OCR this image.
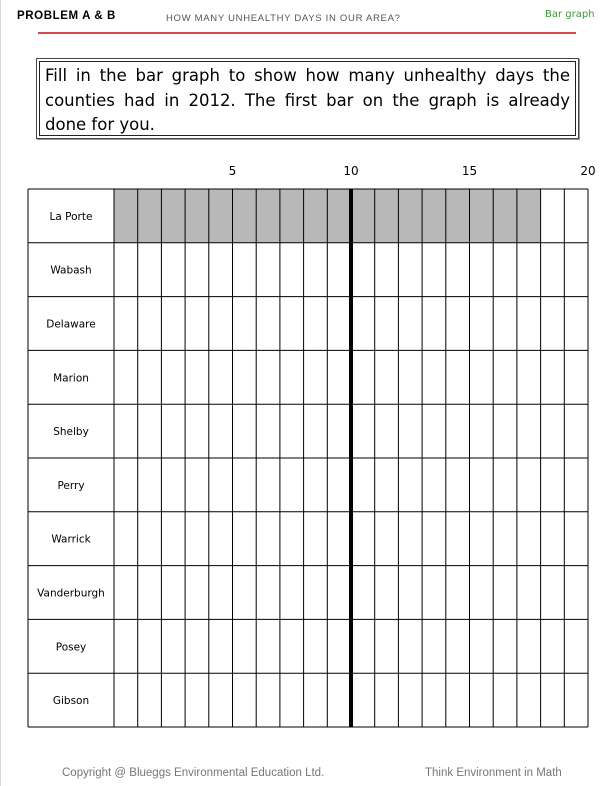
PROBLEM A & B	HOW MANY UNHEALTHY DAYS IN OUR AREA?	Bar graph
Fill in the bar graph to show how many unhealthy days the counties had in 2012. The first bar on the graph is already done for you.
5	10	15	20
La Porte
Wabash
Delaware
Marion
Shelby
Perry
Warrick
Vanderburgh
Posey
Gibson
Copyright @ Blueggs Environmental Education Ltd.	Think Environment in Math
